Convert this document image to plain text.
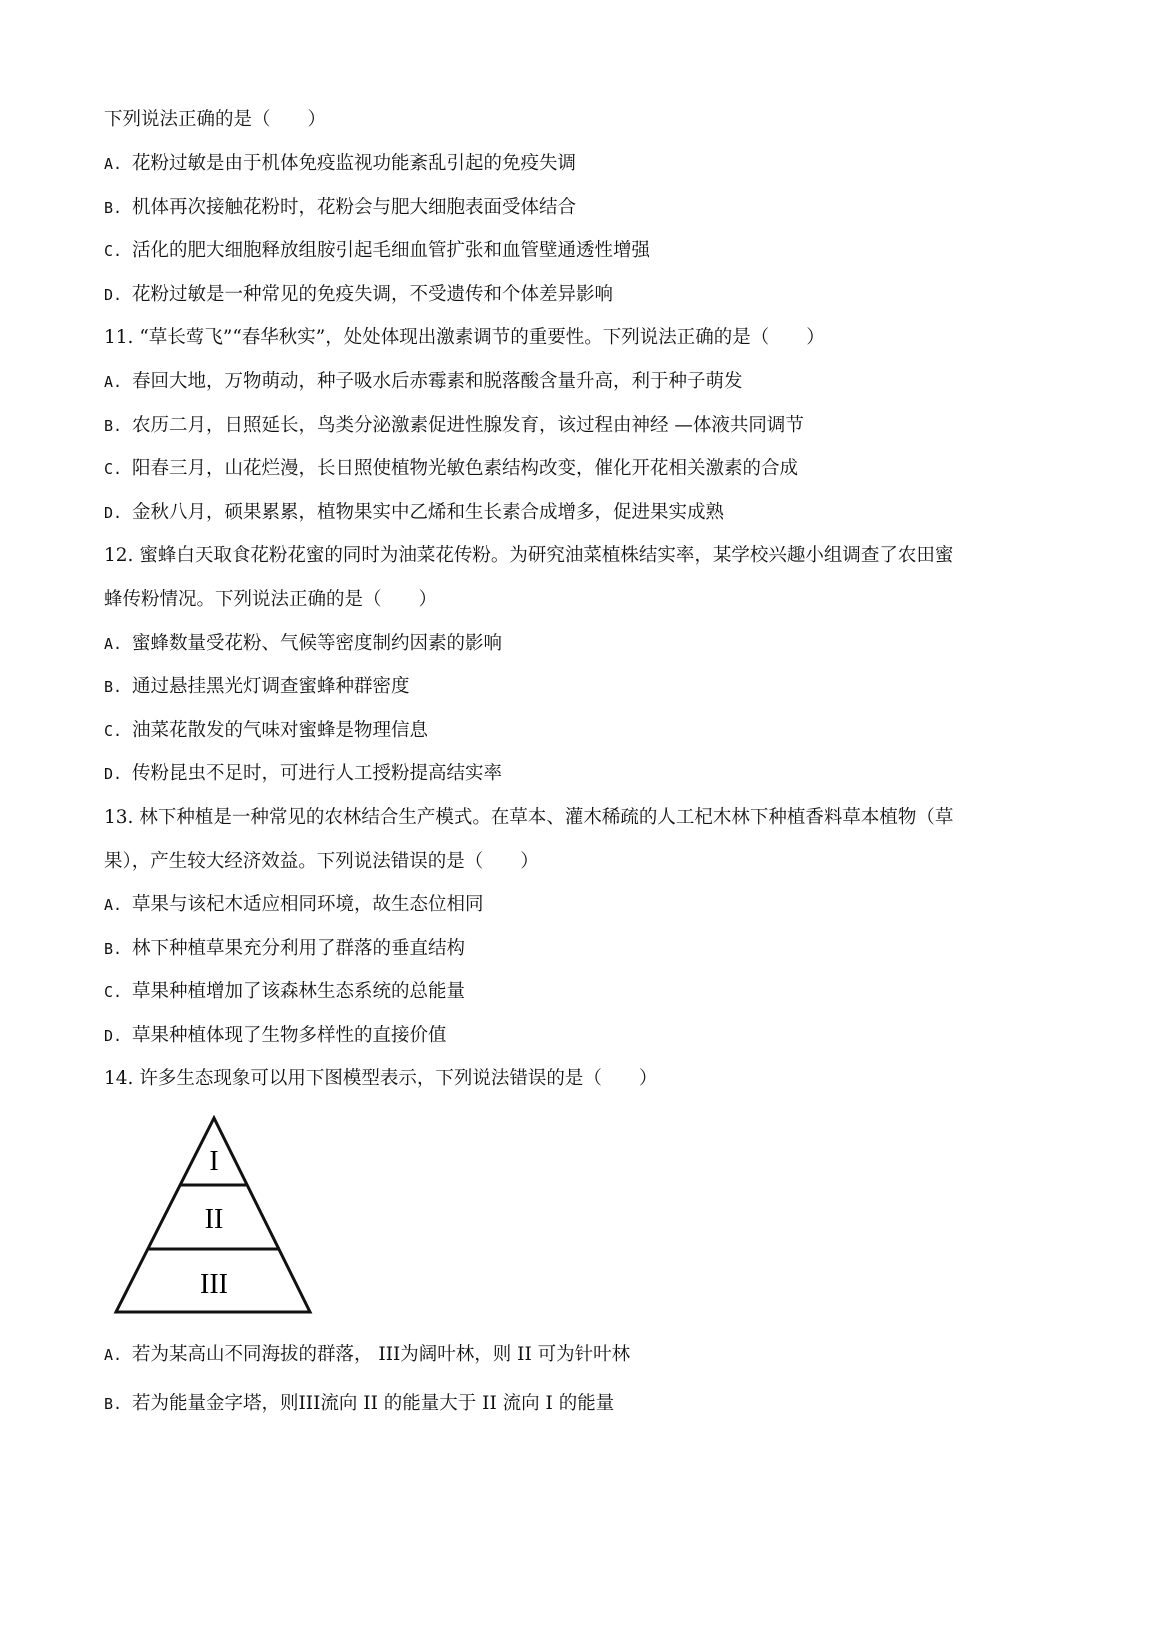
下列说法正确的是（　　）
A. 花粉过敏是由于机体免疫监视功能紊乱引起的免疫失调
B. 机体再次接触花粉时，花粉会与肥大细胞表面受体结合
C. 活化的肥大细胞释放组胺引起毛细血管扩张和血管壁通透性增强
D. 花粉过敏是一种常见的免疫失调，不受遗传和个体差异影响
11. “草长莺飞”“春华秋实”，处处体现出激素调节的重要性。下列说法正确的是（　　）
A. 春回大地，万物萌动，种子吸水后赤霉素和脱落酸含量升高，利于种子萌发
B. 农历二月，日照延长，鸟类分泌激素促进性腺发育，该过程由神经 —体液共同调节
C. 阳春三月，山花烂漫，长日照使植物光敏色素结构改变，催化开花相关激素的合成
D. 金秋八月，硕果累累，植物果实中乙烯和生长素合成增多，促进果实成熟
12. 蜜蜂白天取食花粉花蜜的同时为油菜花传粉。为研究油菜植株结实率，某学校兴趣小组调查了农田蜜
蜂传粉情况。下列说法正确的是（　　）
A. 蜜蜂数量受花粉、气候等密度制约因素的影响
B. 通过悬挂黑光灯调查蜜蜂种群密度
C. 油菜花散发的气味对蜜蜂是物理信息
D. 传粉昆虫不足时，可进行人工授粉提高结实率
13. 林下种植是一种常见的农林结合生产模式。在草本、灌木稀疏的人工杞木林下种植香料草本植物（草
果），产生较大经济效益。下列说法错误的是（　　）
A. 草果与该杞木适应相同环境，故生态位相同
B. 林下种植草果充分利用了群落的垂直结构
C. 草果种植增加了该森林生态系统的总能量
D. 草果种植体现了生物多样性的直接价值
14. 许多生态现象可以用下图模型表示，下列说法错误的是（　　）
I
II
III
A. 若为某高山不同海拔的群落， III为阔叶林，则 II 可为针叶林
B. 若为能量金字塔，则III流向 II 的能量大于 II 流向 I 的能量
